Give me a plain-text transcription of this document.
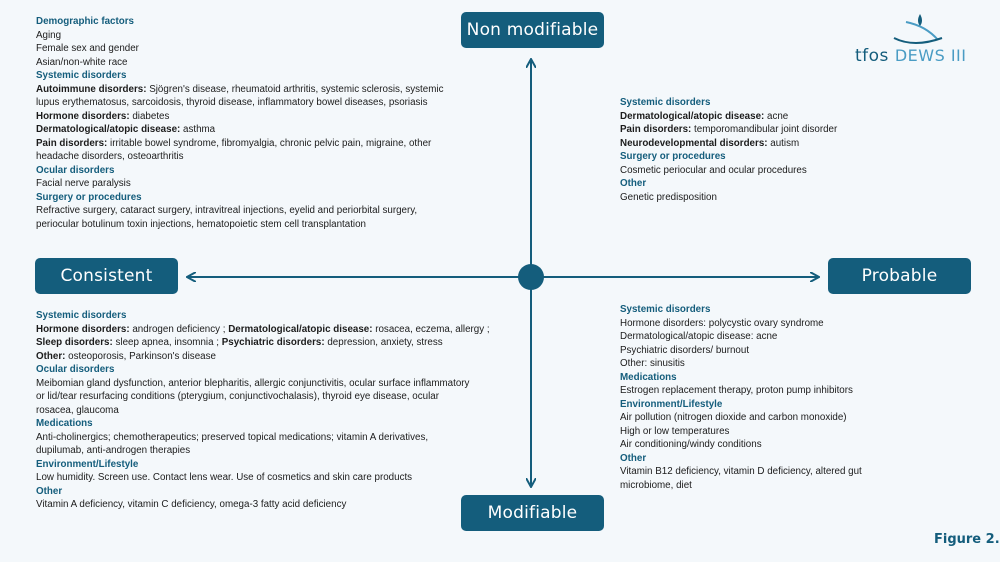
Non modifiable
Modifiable
Consistent	Probable
Demographic factors
Aging
Female sex and gender
Asian/non-white race
Systemic disorders
Autoimmune disorders: Sjögren's disease, rheumatoid arthritis, systemic sclerosis, systemic
lupus erythematosus, sarcoidosis, thyroid disease, inflammatory bowel diseases, psoriasis
Hormone disorders: diabetes
Dermatological/atopic disease: asthma
Pain disorders: irritable bowel syndrome, fibromyalgia, chronic pelvic pain, migraine, other
headache disorders, osteoarthritis
Ocular disorders
Facial nerve paralysis
Surgery or procedures
Refractive surgery, cataract surgery, intravitreal injections, eyelid and periorbital surgery,
periocular botulinum toxin injections, hematopoietic stem cell transplantation
Systemic disorders
Dermatological/atopic disease: acne
Pain disorders: temporomandibular joint disorder
Neurodevelopmental disorders: autism
Surgery or procedures
Cosmetic periocular and ocular procedures
Other
Genetic predisposition
Systemic disorders
Hormone disorders: androgen deficiency ; Dermatological/atopic disease: rosacea, eczema, allergy ;
Sleep disorders: sleep apnea, insomnia ; Psychiatric disorders: depression, anxiety, stress
Other: osteoporosis, Parkinson's disease
Ocular disorders
Meibomian gland dysfunction, anterior blepharitis, allergic conjunctivitis, ocular surface inflammatory
or lid/tear resurfacing conditions (pterygium, conjunctivochalasis), thyroid eye disease, ocular
rosacea, glaucoma
Medications
Anti-cholinergics; chemotherapeutics; preserved topical medications; vitamin A derivatives,
dupilumab, anti-androgen therapies
Environment/Lifestyle
Low humidity. Screen use. Contact lens wear. Use of cosmetics and skin care products
Other
Vitamin A deficiency, vitamin C deficiency, omega-3 fatty acid deficiency
Systemic disorders
Hormone disorders: polycystic ovary syndrome
Dermatological/atopic disease: acne
Psychiatric disorders/ burnout
Other: sinusitis
Medications
Estrogen replacement therapy, proton pump inhibitors
Environment/Lifestyle
Air pollution (nitrogen dioxide and carbon monoxide)
High or low temperatures
Air conditioning/windy conditions
Other
Vitamin B12 deficiency, vitamin D deficiency, altered gut
microbiome, diet
tfos DEWS III
Figure 2.
